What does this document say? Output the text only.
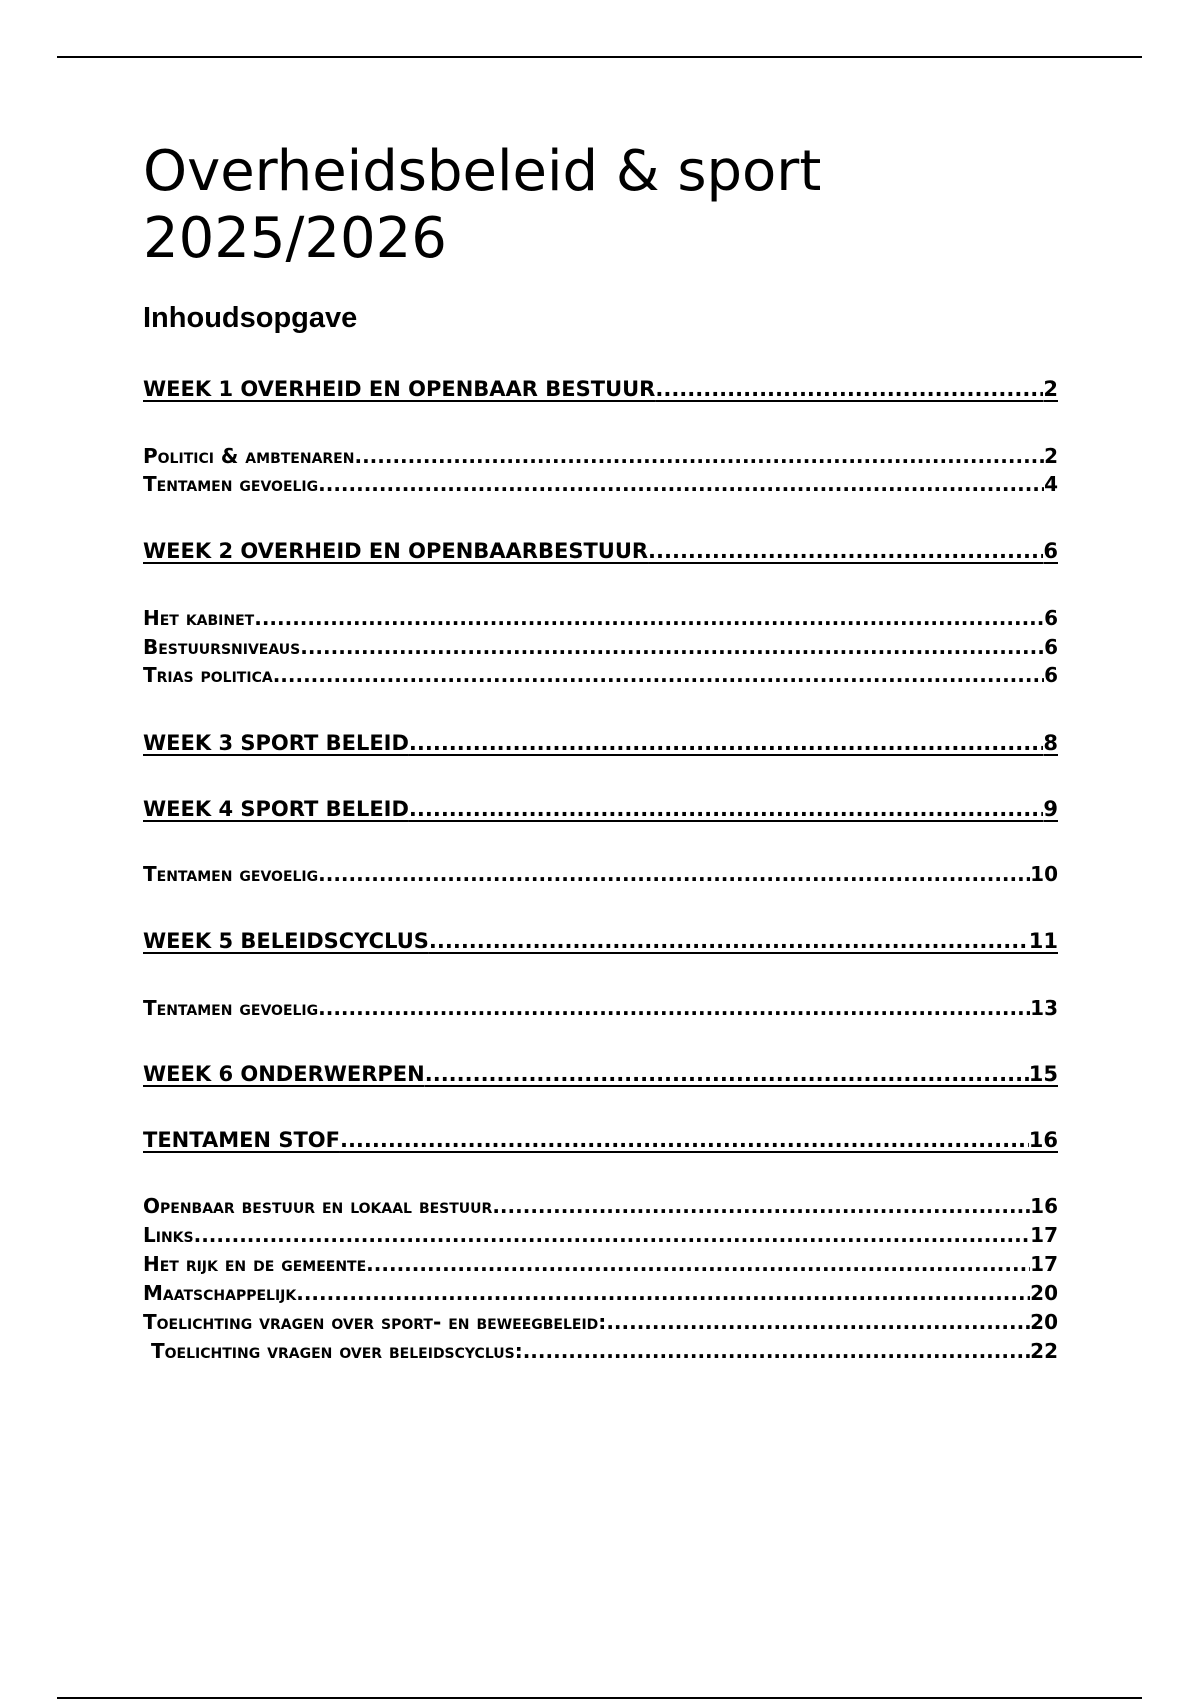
Overheidsbeleid & sport
2025/2026
Inhoudsopgave
WEEK 1 OVERHEID EN OPENBAAR BESTUUR .....	2
Politici & ambtenaren .....	2
Tentamen gevoelig .....	4
WEEK 2 OVERHEID EN OPENBAARBESTUUR .....	6
Het kabinet .....	6
Bestuursniveaus .....	6
Trias politica .....	6
WEEK 3 SPORT BELEID .....	8
WEEK 4 SPORT BELEID .....	9
Tentamen gevoelig .....	10
WEEK 5 BELEIDSCYCLUS .....	11
Tentamen gevoelig .....	13
WEEK 6 ONDERWERPEN .....	15
TENTAMEN STOF .....	16
Openbaar bestuur en lokaal bestuur .....	16
Links .....	17
Het rijk en de gemeente .....	17
Maatschappelijk .....	20
Toelichting vragen over sport- en beweegbeleid: .....	20
Toelichting vragen over beleidscyclus: .....	22
